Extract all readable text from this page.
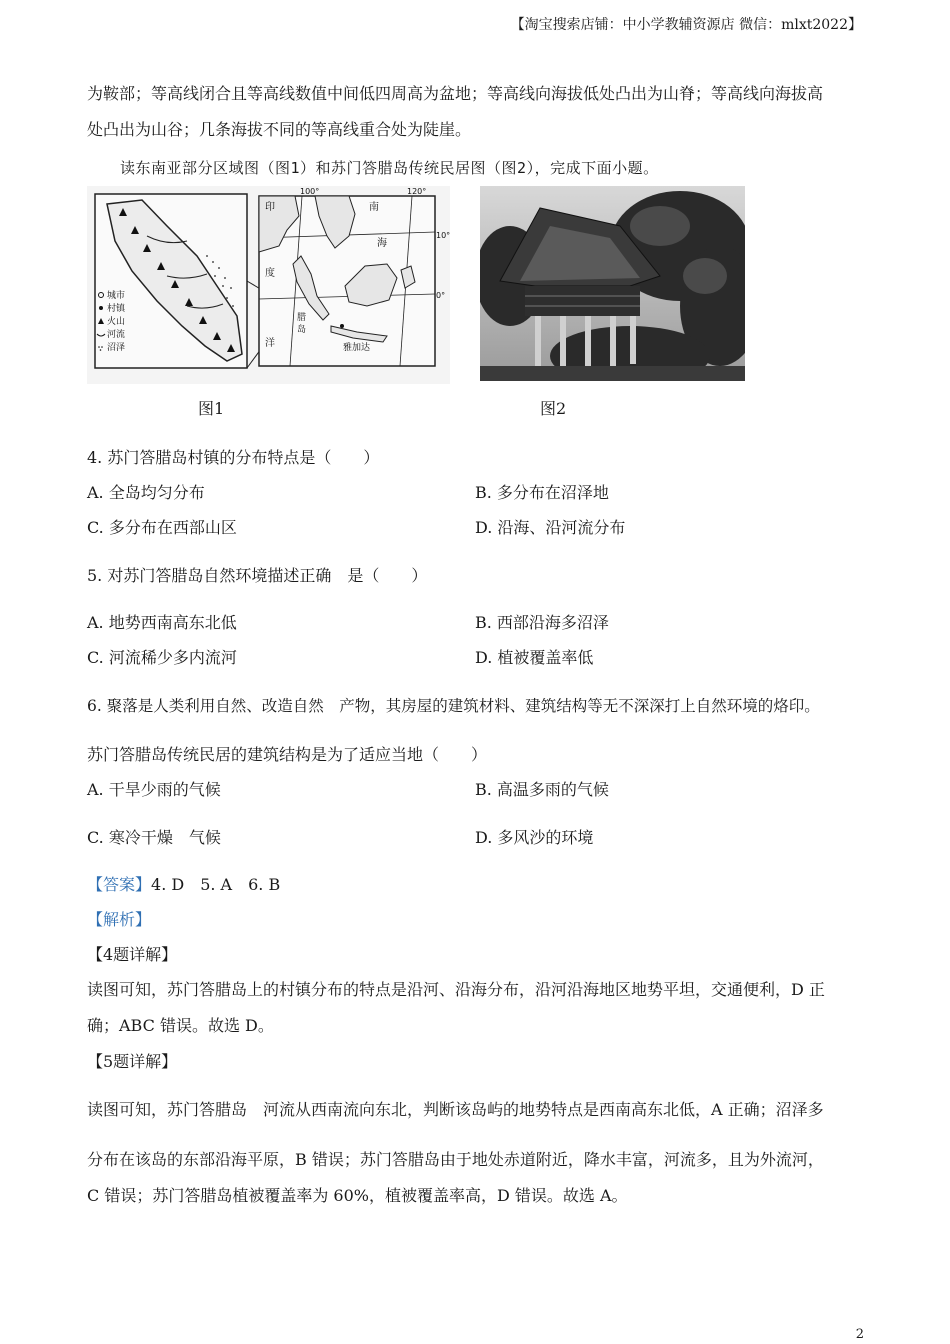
【淘宝搜索店铺：中小学教辅资源店 微信：mlxt2022】
为鞍部；等高线闭合且等高线数值中间低四周高为盆地；等高线向海拔低处凸出为山脊；等高线向海拔高
处凸出为山谷；几条海拔不同的等高线重合处为陡崖。
读东南亚部分区域图（图1）和苏门答腊岛传统民居图（图2），完成下面小题。
城市
村镇
火山
河流
沼泽
100°	120°
10°
0°
印
度
洋
南
海
腊
岛
雅加达
图1	图2
4. 苏门答腊岛村镇的分布特点是（　　）
A. 全岛均匀分布	B. 多分布在沼泽地
C. 多分布在西部山区	D. 沿海、沿河流分布
5. 对苏门答腊岛自然环境描述正确　是（　　）
A. 地势西南高东北低	B. 西部沿海多沼泽
C. 河流稀少多内流河	D. 植被覆盖率低
6. 聚落是人类利用自然、改造自然　产物，其房屋的建筑材料、建筑结构等无不深深打上自然环境的烙印。
苏门答腊岛传统民居的建筑结构是为了适应当地（　　）
A. 干旱少雨的气候	B. 高温多雨的气候
C. 寒冷干燥　气候	D. 多风沙的环境
【答案】4. D　5. A　6. B
【解析】
【4题详解】
读图可知，苏门答腊岛上的村镇分布的特点是沿河、沿海分布，沿河沿海地区地势平坦，交通便利，D 正
确；ABC 错误。故选 D。
【5题详解】
读图可知，苏门答腊岛　河流从西南流向东北，判断该岛屿的地势特点是西南高东北低，A 正确；沼泽多
分布在该岛的东部沿海平原，B 错误；苏门答腊岛由于地处赤道附近，降水丰富，河流多，且为外流河，
C 错误；苏门答腊岛植被覆盖率为 60%，植被覆盖率高，D 错误。故选 A。
2
